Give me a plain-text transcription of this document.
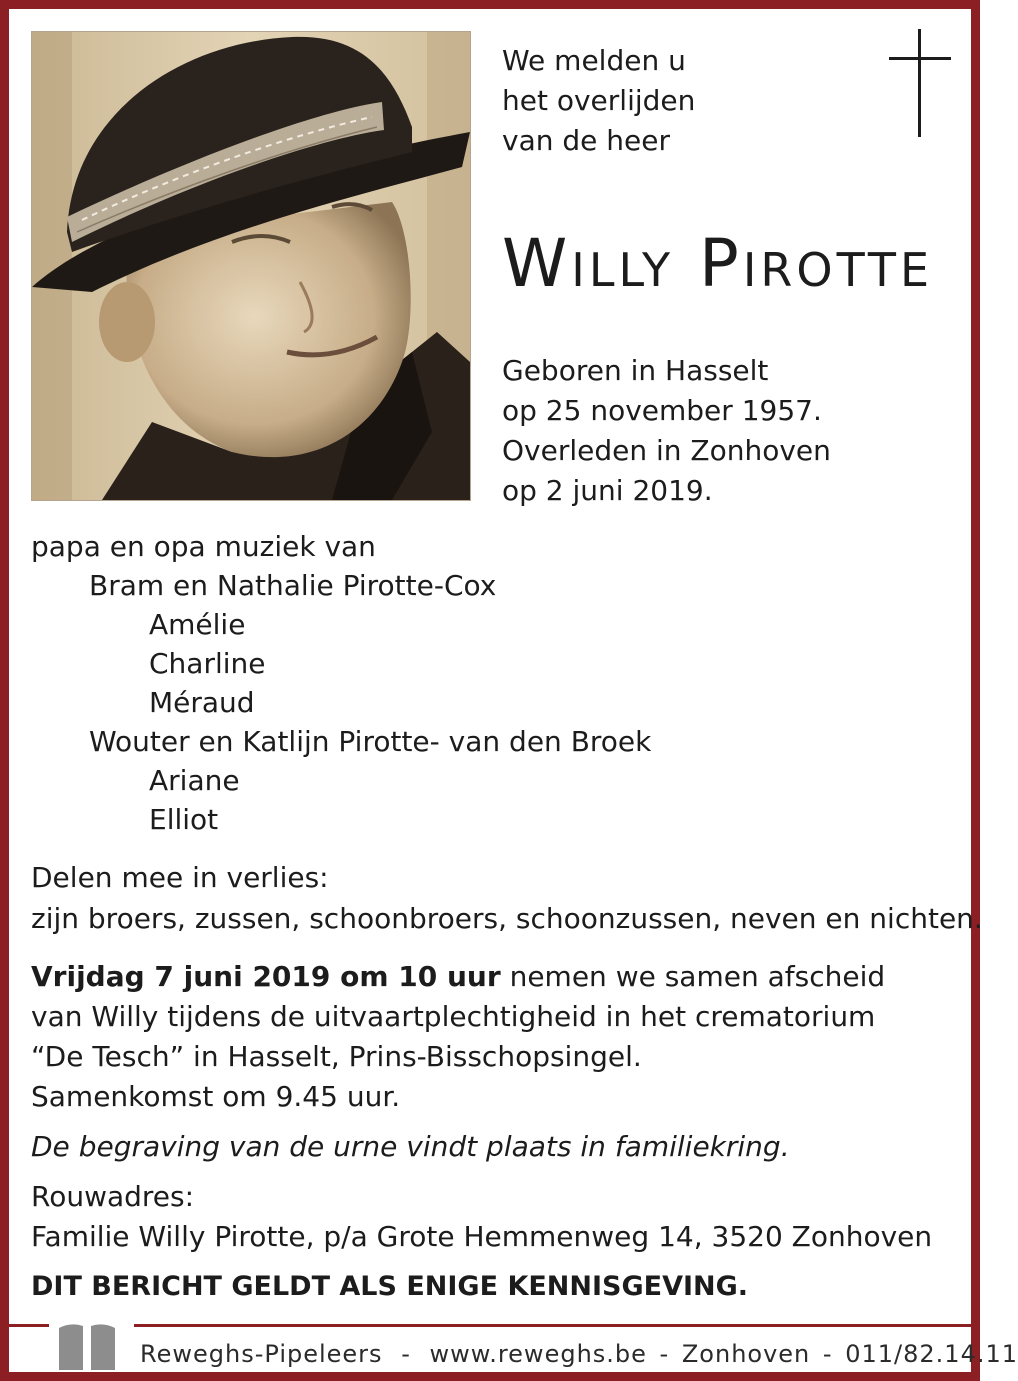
We melden u
het overlijden
van de heer
Willy Pirotte
Geboren in Hasselt
op 25 november 1957.
Overleden in Zonhoven
op 2 juni 2019.
papa en opa muziek van
Bram en Nathalie Pirotte-Cox
Amélie
Charline
Méraud
Wouter en Katlijn Pirotte- van den Broek
Ariane
Elliot
Delen mee in verlies:
zijn broers, zussen, schoonbroers, schoonzussen, neven en nichten.
Vrijdag 7 juni 2019 om 10 uur nemen we samen afscheid
van Willy tijdens de uitvaartplechtigheid in het crematorium
“De Tesch” in Hasselt, Prins-Bisschopsingel.
Samenkomst om 9.45 uur.
De begraving van de urne vindt plaats in familiekring.
Rouwadres:
Familie Willy Pirotte, p/a Grote Hemmenweg 14, 3520 Zonhoven
DIT BERICHT GELDT ALS ENIGE KENNISGEVING.
Reweghs-Pipeleers - www.reweghs.be - Zonhoven - 011/82.14.11
